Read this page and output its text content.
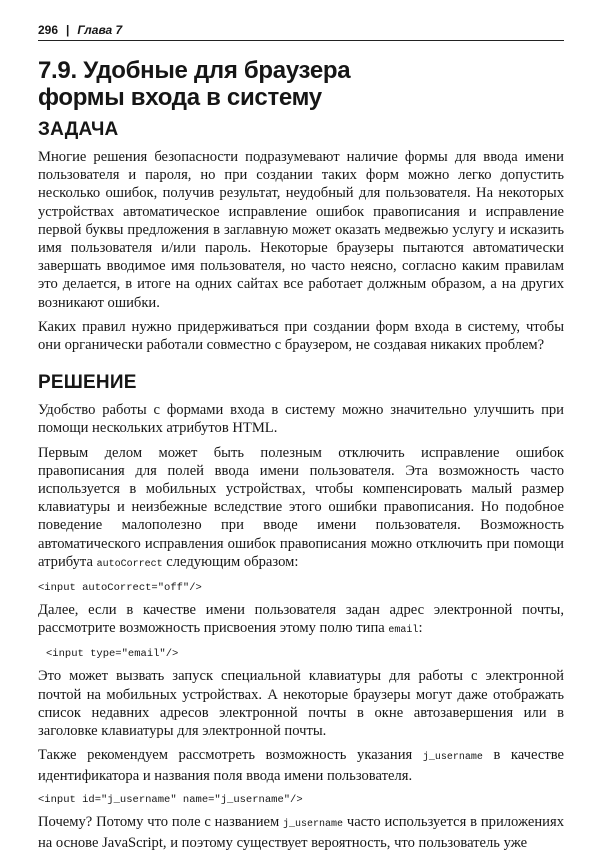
296 | Глава 7
7.9. Удобные для браузера
формы входа в систему
ЗАДАЧА

Многие решения безопасности подразумевают наличие формы для ввода имени пользователя и пароля, но при создании таких форм можно легко допустить несколько ошибок, получив результат, неудобный для пользователя. На некоторых устройствах автоматическое исправление ошибок правописания и исправление первой буквы предложения в заглавную может оказать медвежью услугу и исказить имя пользователя и/или пароль. Некоторые браузеры пытаются автоматически завершать вводимое имя пользователя, но часто неясно, согласно каким правилам это делается, в итоге на одних сайтах все работает должным образом, а на других возникают ошибки.

Каких правил нужно придерживаться при создании форм входа в систему, чтобы они органически работали совместно с браузером, не создавая никаких проблем?

РЕШЕНИЕ

Удобство работы с формами входа в систему можно значительно улучшить при помощи нескольких атрибутов HTML.

Первым делом может быть полезным отключить исправление ошибок правописания для полей ввода имени пользователя. Эта возможность часто используется в мобильных устройствах, чтобы компенсировать малый размер клавиатуры и неизбежные вследствие этого ошибки правописания. Но подобное поведение малополезно при вводе имени пользователя. Возможность автоматического исправления ошибок правописания можно отключить при помощи атрибута autoCorrect следующим образом:

<input autoCorrect="off"/>

Далее, если в качестве имени пользователя задан адрес электронной почты, рассмотрите возможность присвоения этому полю типа email:

<input type="email"/>

Это может вызвать запуск специальной клавиатуры для работы с электронной почтой на мобильных устройствах. А некоторые браузеры могут даже отображать список недавних адресов электронной почты в окне автозавершения или в заголовке клавиатуры для электронной почты.

Также рекомендуем рассмотреть возможность указания j_username в качестве идентификатора и названия поля ввода имени пользователя.

<input id="j_username" name="j_username"/>

Почему? Потому что поле с названием j_username часто используется в приложениях на основе JavaScript, и поэтому существует вероятность, что пользователь уже
